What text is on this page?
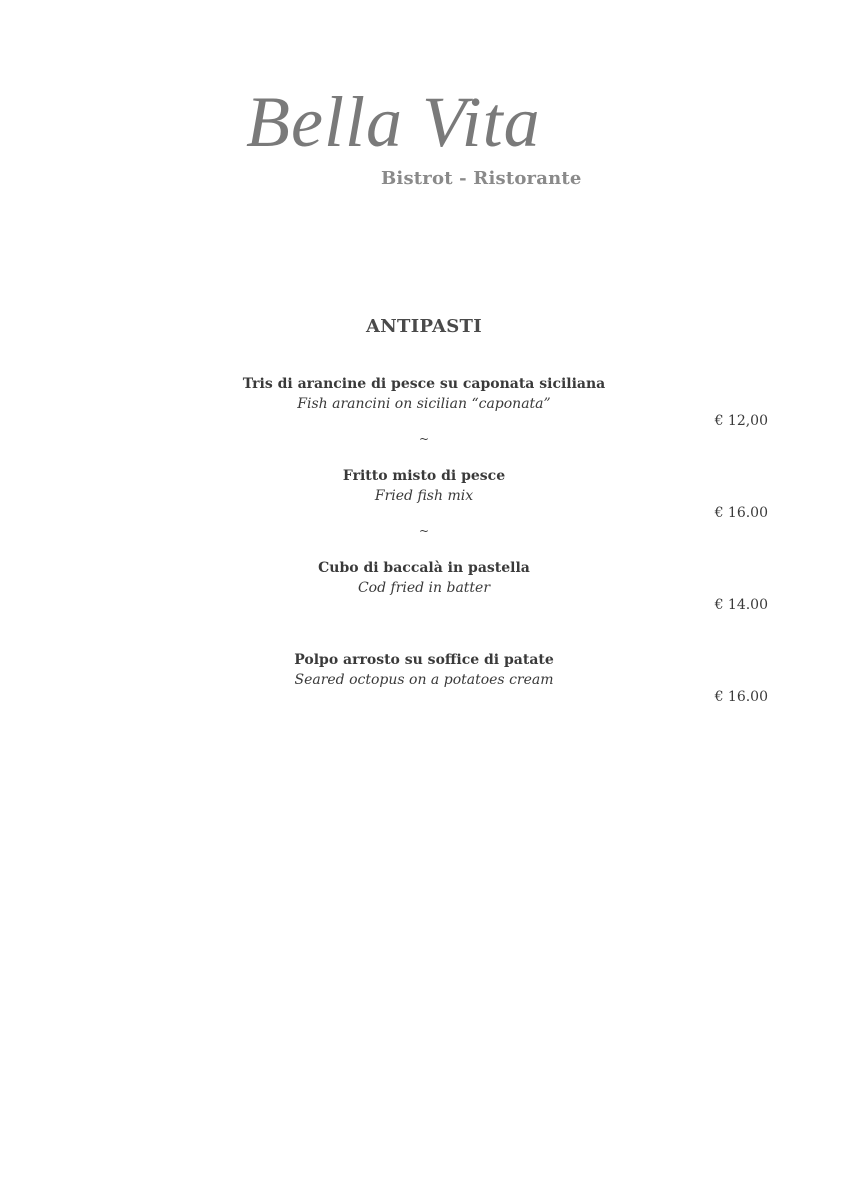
Bella Vita
Bistrot - Ristorante
ANTIPASTI
Tris di arancine di pesce su caponata siciliana
Fish arancini on sicilian “caponata”
€ 12,00
~
Fritto misto di pesce
Fried fish mix
€ 16.00
~
Cubo di baccalà in pastella
Cod fried in batter
€ 14.00
Polpo arrosto su soffice di patate
Seared octopus on a potatoes cream
€ 16.00
